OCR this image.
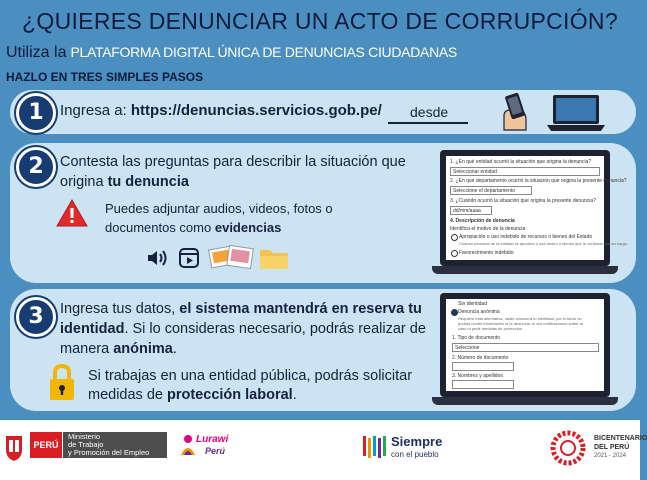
¿QUIERES DENUNCIAR UN ACTO DE CORRUPCIÓN?
Utiliza la PLATAFORMA DIGITAL ÚNICA DE DENUNCIAS CIUDADANAS
HAZLO EN TRES SIMPLES PASOS
1	Ingresa a: https://denuncias.servicios.gob.pe/ desde
2	Contesta las preguntas para describir la situación que
origina tu denuncia
Puedes adjuntar audios, videos, fotos o
documentos como evidencias
1. ¿En qué entidad ocurrió la situación que origina la denuncia?
Seleccionar entidad
2. ¿En qué departamento ocurrió la situación que origina la presente denuncia?
Seleccione el departamento
3. ¿Cuándo ocurrió la situación que origina la presente denuncia?
dd/mm/aaaa
4. Descripción de denuncia
Identifica el motivo de la denuncia
Apropiación o uso indebido de recursos o bienes del Estado
Cuando personal de la entidad se apodera o usa dinero o bienes que le confiaron por su cargo.
Favorecimiento indebido
3	Ingresa tus datos, el sistema mantendrá en reserva tu
identidad. Si lo consideras necesario, podrás realizar de
manera anónima.
Si trabajas en una entidad pública, podrás solicitar
medidas de protección laboral.
Sin identidad
Denuncia anónima
Requiere esta alternativa, nadie conocerá tu identidad, por lo tanto no podrás recibir información ni la denuncia, ni dar notificaciones sobre tu caso ni pedir medidas de protección.
1. Tipo de documento
Seleccione
2. Número de documento
3. Nombres y apellidos
PERÚ
Ministerio
de Trabajo
y Promoción del Empleo
Lurawi
Perú
Siempre
con el pueblo
BICENTENARIO
DEL PERÚ
2021 - 2024
